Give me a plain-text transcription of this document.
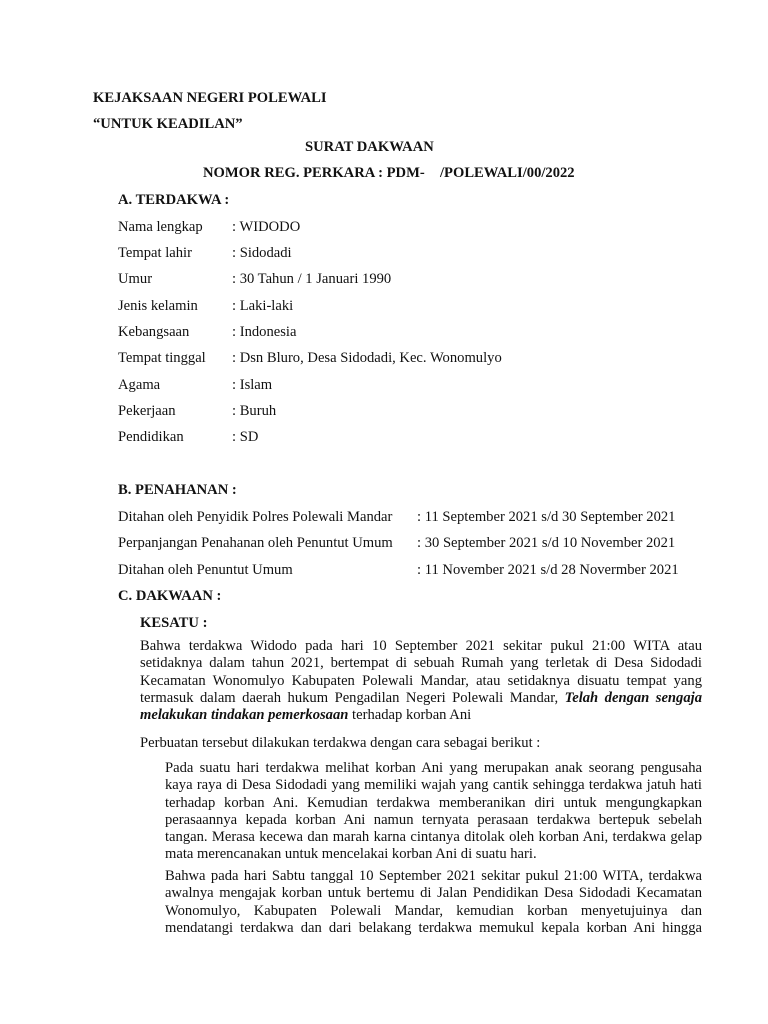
KEJAKSAAN NEGERI POLEWALI
“UNTUK KEADILAN”
SURAT DAKWAAN
NOMOR REG. PERKARA : PDM- /POLEWALI/00/2022
A. TERDAKWA :
Nama lengkap : WIDODO
Tempat lahir	: Sidodadi
Umur	: 30 Tahun / 1 Januari 1990
Jenis kelamin : Laki-laki
Kebangsaan	: Indonesia
Tempat tinggal : Dsn Bluro, Desa Sidodadi, Kec. Wonomulyo
Agama	: Islam
Pekerjaan	: Buruh
Pendidikan	: SD
B. PENAHANAN :
Ditahan oleh Penyidik Polres Polewali Mandar : 11 September 2021 s/d 30 September 2021
Perpanjangan Penahanan oleh Penuntut Umum : 30 September 2021 s/d 10 November 2021
Ditahan oleh Penuntut Umum	: 11 November 2021 s/d 28 Novermber 2021
C. DAKWAAN :
KESATU :
Bahwa terdakwa Widodo pada hari 10 September 2021 sekitar pukul 21:00 WITA atau
setidaknya dalam tahun 2021, bertempat di sebuah Rumah yang terletak di Desa Sidodadi
Kecamatan Wonomulyo Kabupaten Polewali Mandar, atau setidaknya disuatu tempat yang
termasuk dalam daerah hukum Pengadilan Negeri Polewali Mandar, Telah dengan sengaja
melakukan tindakan pemerkosaan terhadap korban Ani
Perbuatan tersebut dilakukan terdakwa dengan cara sebagai berikut :
Pada suatu hari terdakwa melihat korban Ani yang merupakan anak seorang pengusaha
kaya raya di Desa Sidodadi yang memiliki wajah yang cantik sehingga terdakwa jatuh hati
terhadap korban Ani. Kemudian terdakwa memberanikan diri untuk mengungkapkan
perasaannya kepada korban Ani namun ternyata perasaan terdakwa bertepuk sebelah
tangan. Merasa kecewa dan marah karna cintanya ditolak oleh korban Ani, terdakwa gelap
mata merencanakan untuk mencelakai korban Ani di suatu hari.
Bahwa pada hari Sabtu tanggal 10 September 2021 sekitar pukul 21:00 WITA, terdakwa
awalnya mengajak korban untuk bertemu di Jalan Pendidikan Desa Sidodadi Kecamatan
Wonomulyo, Kabupaten Polewali Mandar, kemudian korban menyetujuinya dan
mendatangi terdakwa dan dari belakang terdakwa memukul kepala korban Ani hingga
